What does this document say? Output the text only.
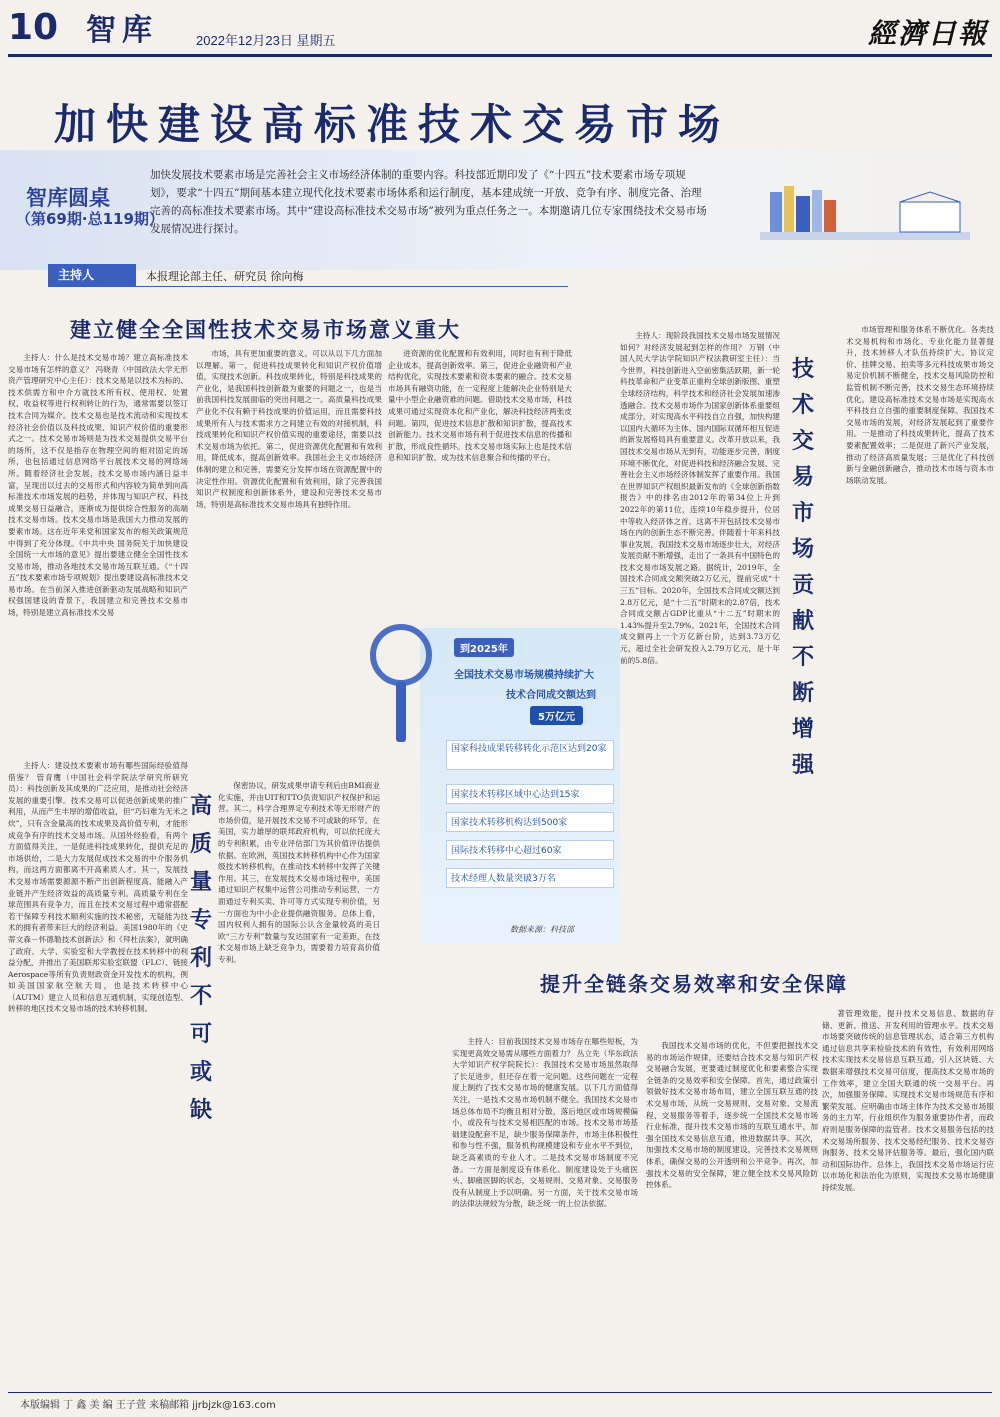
10 智库	2022年12月23日 星期五	經濟日報
加快建设高标准技术交易市场
智库圆桌
（第69期·总119期）
加快发展技术要素市场是完善社会主义市场经济体制的重要内容。科技部近期印发了《“十四五”技术要素市场专项规划》，要求“十四五”期间基本建立现代化技术要素市场体系和运行制度，基本建成统一开放、竞争有序、制度完备、治理完善的高标准技术要素市场。其中“建设高标准技术交易市场”被列为重点任务之一。本期邀请几位专家围绕技术交易市场发展情况进行探讨。
主持人	本报理论部主任、研究员 徐向梅
建立健全全国性技术交易市场意义重大
高质量专利不可或缺
技术交易市场贡献不断增强
提升全链条交易效率和安全保障
主持人：什么是技术交易市场？建立高标准技术交易市场有怎样的意义？ 冯晓青（中国政法大学无形资产管理研究中心主任）：技术交易是以技术为标的、技术供需方和中介方就技术所有权、使用权、处置权、收益权等进行权利转让的行为，通常需要以签订技术合同为媒介。技术交易也是技术流动和实现技术经济社会价值以及科技成果、知识产权价值的重要形式之一。技术交易市场则是为技术交易提供交易平台的场所，这不仅是指存在物理空间的相对固定的场所，也包括通过信息网络平台展技术交易的网络场所。随着经济社会发展，技术交易市场内涵日益丰富，呈现出以过去的交易形式和内容较为简单到向高标准技术市场发展的趋势，并体现与知识产权、科技成果交易日益融合，逐渐成为提供综合性服务的高端技术交易市场。技术交易市场是我国大力推动发展的要素市场。这在近年来党和国家发布的相关政策规范中得到了充分体现。《中共中央 国务院关于加快建设全国统一大市场的意见》提出要建立健全全国性技术交易市场，推动各地技术交易市场互联互通。《“十四五”技术要素市场专项规划》提出要建设高标准技术交易市场。在当前深入推进创新驱动发展战略和知识产权强国建设的背景下，我国建立和完善技术交易市场，特别是建立高标准技术交易
市场，具有更加重要的意义。可以从以下几方面加以理解。第一，促进科技成果转化和知识产权价值增值，实现技术创新。科技成果转化，特别是科技成果的产业化，是我国科技创新最为重要的问题之一，也是当前我国科技发展面临的突出问题之一。高质量科技成果产业化不仅有赖于科技成果的价值运用，而且需要科技成果所有人与技术需求方之间建立有效的对接机制，科技成果转化和知识产权价值实现的重要途径，需要以技术交易市场为依托。第二，促进资源优化配置和有效利用，降低成本，提高创新效率。我国社会主义市场经济体制的建立和完善，需要充分发挥市场在资源配置中的决定性作用。资源优化配置和有效利用，除了完善我国知识产权制度和创新体系外，建设和完善技术交易市场，特别是高标准技术交易市场具有独特作用。
进资源的优化配置和有效利用，同时也有利于降低企业成本，提高创新效率。第三，促进企业融资和产业结构优化，实现技术要素和资本要素的融合。技术交易市场具有融资功能，在一定程度上能解决企业特别是大量中小型企业融资难的问题。借助技术交易市场，科技成果可通过实现资本化和产业化，解决科技经济两张皮问题。第四，促进技术信息扩散和知识扩散，提高技术创新能力。技术交易市场有利于促进技术信息的传播和扩散，形成良性循环。技术交易市场实际上也是技术信息和知识扩散、成为技术信息聚合和传播的平台。
主持人：现阶段我国技术交易市场发展情况如何？对经济发展起到怎样的作用？ 万钢（中国人民大学法学院知识产权法教研室主任）：当今世界，科技创新进入空前密集活跃期，新一轮科技革命和产业变革正重构全球创新版图、重塑全球经济结构，科学技术和经济社会发展加速渗透融合。技术交易市场作为国家创新体系重要组成部分，对实现高水平科技自立自强，加快构建以国内大循环为主体、国内国际双循环相互促进的新发展格局具有重要意义。改革开放以来，我国技术交易市场从无到有，功能逐步完善，制度环境不断优化，对促进科技和经济融合发展、完善社会主义市场经济体制发挥了重要作用。我国在世界知识产权组织最新发布的《全球创新指数报告》中的排名由2012年的第34位上升到2022年的第11位，连续10年稳步提升，位居中等收入经济体之首。这离不开包括技术交易市场在内的创新生态不断完善。伴随着十年来科技事业发展，我国技术交易市场逐步壮大，对经济发展贡献不断增强，走出了一条具有中国特色的技术交易市场发展之路。据统计，2019年，全国技术合同成交额突破2万亿元，提前完成“十三五”目标。2020年，全国技术合同成交额达到2.8万亿元，是“十二五”时期末的2.87倍，技术合同成交额占GDP比重从“十二五”时期末的1.43%提升至2.79%。2021年，全国技术合同成交额再上一个万亿新台阶，达到3.73万亿元，超过全社会研发投入2.79万亿元，是十年前的5.8倍。
市场管理和服务体系不断优化。各类技术交易机构和市场化、专业化能力显著提升，技术转移人才队伍持续扩大。协议定价、挂牌交易、拍卖等多元科技成果市场交易定价机制不断健全，技术交易风险防控和监管机制不断完善，技术交易生态环境持续优化。建设高标准技术交易市场是实现高水平科技自立自强的重要制度保障。我国技术交易市场的发展，对经济发展起到了重要作用。一是推动了科技成果转化，提高了技术要素配置效率；二是促进了新兴产业发展，推动了经济高质量发展；三是优化了科技创新与金融创新融合，推动技术市场与资本市场联动发展。
主持人：建设技术要素市场有哪些国际经验值得借鉴？ 管育鹰（中国社会科学院法学研究所研究员）：科技创新及其成果的广泛应用，是推动社会经济发展的重要引擎。技术交易可以促进创新成果的推广利用，从而产生丰厚的增值收益，但“巧妇难为无米之炊”，只有含金量高的技术成果及高价值专利，才能形成竞争有序的技术交易市场。从国外经验看，有两个方面值得关注，一是促进科技成果转化，提供充足的市场供给，二是大力发展促成技术交易的中介服务机构，而这两方面都离不开高素质人才。其一，发展技术交易市场需要源源不断产出创新程度高、能融入产业链并产生经济效益的高质量专利。高质量专利在全球范围具有竞争力，而且在技术交易过程中通常搭配若干保障专利技术顺利实施的技术秘密，无疑能为技术的拥有者带来巨大的经济利益。美国1980年的《史蒂文森－怀德勒技术创新法》和《拜杜法案》，就明确了政府、大学、实验室和大学教授在技术转移中的利益分配，并推出了美国联邦实验室联盟（FLC）、链接Aerospace等所有负责财政资金开发技术的机构，例如美国国家航空航天局，也是技术转移中心（AUTM）建立人员和信息互通机制，实现创造型、转移的地区技术交易市场的技术转移机制。
保密协议，研发成果申请专利后由BMI商业化实施，并由UIT和TTO负责知识产权保护和运营。其二，科学合理界定专利技术等无形财产的市场价值，是开展技术交易不可或缺的环节。在美国，实力雄厚的联邦政府机构，可以依托庞大的专利积累，由专业评估部门为其价值评估提供依据。在欧洲，英国技术转移机构中心作为国家级技术转移机构，在推动技术转移中发挥了关键作用。其三，在发展技术交易市场过程中，美国通过知识产权集中运营公司推动专利运营，一方面通过专利买卖、许可等方式实现专利价值，另一方面也为中小企业提供融资服务。总体上看，国内权利人拥有的国际公认含金量较高的美日欧“三方专利”数量与发达国家有一定差距，在技术交易市场上缺乏竞争力，需要着力培育高价值专利。
主持人：目前我国技术交易市场存在哪些短板，为实现更高效交易需从哪些方面着力？ 丛立先（华东政法大学知识产权学院院长）：我国技术交易市场虽然取得了长足进步，但还存在着一定问题。这些问题在一定程度上制约了技术交易市场的健康发展。以下几方面值得关注。一是技术交易市场机制不健全。我国技术交易市场总体布局不均衡且相对分散，落后地区或市场规模偏小，或没有与技术交易相匹配的市场。技术交易市场基础建设配套不足，缺少服务保障条件，市场主体积极性和参与性不强，服务机构规模建设和专业水平不到位，缺乏高素质的专业人才。二是技术交易市场制度不完备。一方面是制度设有体系化。制度建设处于头痛医头、脚痛医脚的状态，交易规则、交易对象、交易服务没有从制度上予以明确。另一方面，关于技术交易市场的法律法规较为分散，缺乏统一的上位法依据。
我国技术交易市场的优化，不但要把握技术交易的市场运作规律，还要结合技术交易与知识产权交易融合发展，更要通过制度优化和要素整合实现全链条的交易效率和安全保障。首先，通过政策引领做好技术交易市场布局，建立全国互联互通的技术交易市场，从统一交易规则、交易对象、交易流程、交易服务等着手，逐步统一全国技术交易市场行业标准，提升技术交易市场的互联互通水平，加强全国技术交易信息互通，推进数据共享。其次，加强技术交易市场的制度建设，完善技术交易规则体系，确保交易的公开透明和公平竞争。再次，加强技术交易的安全保障，建立健全技术交易风险防控体系。
著管理效能，提升技术交易信息、数据的存储、更新、推送、开发利用的管理水平。技术交易市场要突破传统的信息管理状态，适合第三方机构通过信息共享来检验技术的有效性，有效利用网络技术实现技术交易信息互联互通，引入区块链、大数据来增强技术交易可信度，提高技术交易市场的工作效率，建立全国大联通的统一交易平台。再次，加强服务保障。实现技术交易市场规范有序和繁荣发展。应明确由市场主体作为技术交易市场服务的主力军，行业组织作为服务重要协作者，而政府则是服务保障的监管者。技术交易服务包括的技术交易场所服务、技术交易经纪服务、技术交易咨询服务、技术交易评估服务等。最后，强化国内联动和国际协作。总体上，我国技术交易市场运行应以市场化和法治化为原则，实现技术交易市场健康持续发展。
到2025年
全国技术交易市场规模持续扩大
技术合同成交额达到
5万亿元
国家科技成果转移转化示范区达到20家
国家技术转移区域中心达到15家
国家技术转移机构达到500家
国际技术转移中心超过60家
技术经理人数量突破3万名
数据来源：科技部
本版编辑 丁 鑫 美 编 王子萱 来稿邮箱 jjrbjzk@163.com
